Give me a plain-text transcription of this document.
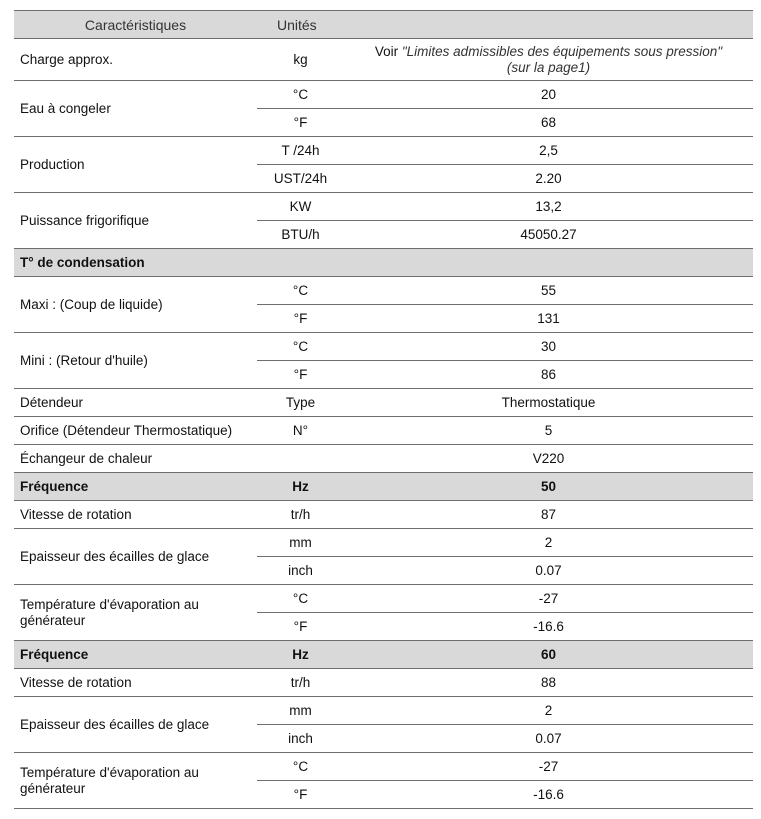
Caractéristiques	Unités	
Charge approx.	kg	Voir "Limites admissibles des équipements sous pression"
(sur la page1)

Eau à congeler	°C	20
	°F	68
Production	T /24h	2,5
	UST/24h	2.20
Puissance frigorifique	KW	13,2
	BTU/h	45050.27
T° de condensation		
Maxi : (Coup de liquide)	°C	55
	°F	131
Mini : (Retour d'huile)	°C	30
	°F	86
Détendeur	Type	Thermostatique
Orifice (Détendeur Thermostatique)	N°	5
Échangeur de chaleur		V220
Fréquence	Hz	50
Vitesse de rotation	tr/h	87
Epaisseur des écailles de glace	mm	2
	inch	0.07

Température d'évaporation au
générateur	°C	-27
	°F	-16.6
Fréquence	Hz	60
Vitesse de rotation	tr/h	88
Epaisseur des écailles de glace	mm	2
	inch	0.07

Température d'évaporation au
générateur	°C	-27
	°F	-16.6
